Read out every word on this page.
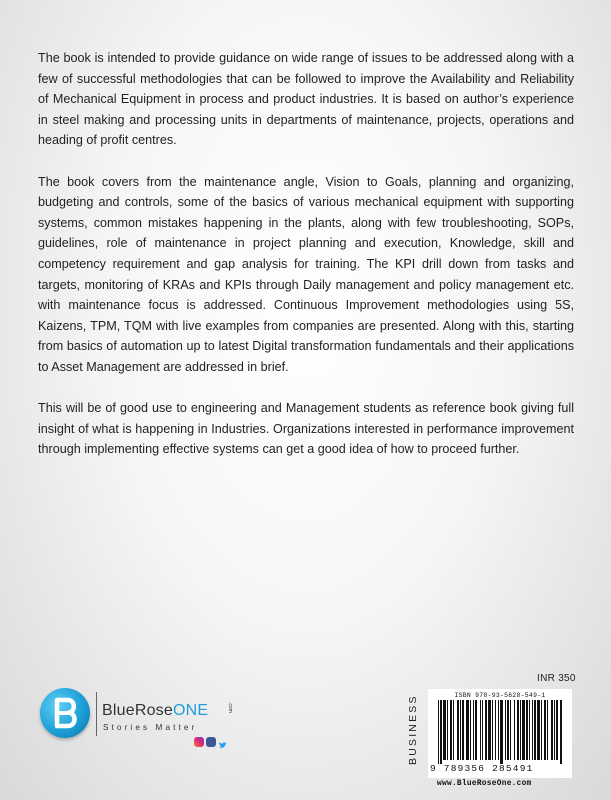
The book is intended to provide guidance on wide range of issues to be addressed along with a few of successful methodologies that can be followed to improve the Availability and Reliability of Mechanical Equipment in process and product industries. It is based on author’s experience in steel making and processing units in departments of maintenance, projects, operations and heading of profit centres.

The book covers from the maintenance angle, Vision to Goals, planning and organizing, budgeting and controls, some of the basics of various mechanical equipment with supporting systems, common mistakes happening in the plants, along with few troubleshooting, SOPs, guidelines, role of maintenance in project planning and execution, Knowledge, skill and competency requirement and gap analysis for training. The KPI drill down from tasks and targets, monitoring of KRAs and KPIs through Daily management and policy management etc. with maintenance focus is addressed. Continuous Improvement methodologies using 5S, Kaizens, TPM, TQM with live examples from companies are presented. Along with this, starting from basics of automation up to latest Digital transformation fundamentals and their applications to Asset Management are addressed in brief.

This will be of good use to engineering and Management students as reference book giving full insight of what is happening in Industries. Organizations interested in performance improvement through implementing effective systems can get a good idea of how to proceed further.

BlueRoseONE	.com
Stories Matter
INR 350
BUSINESS	ISBN 978-93-5628-549-1
9 789356 285491
www.BlueRoseOne.com
